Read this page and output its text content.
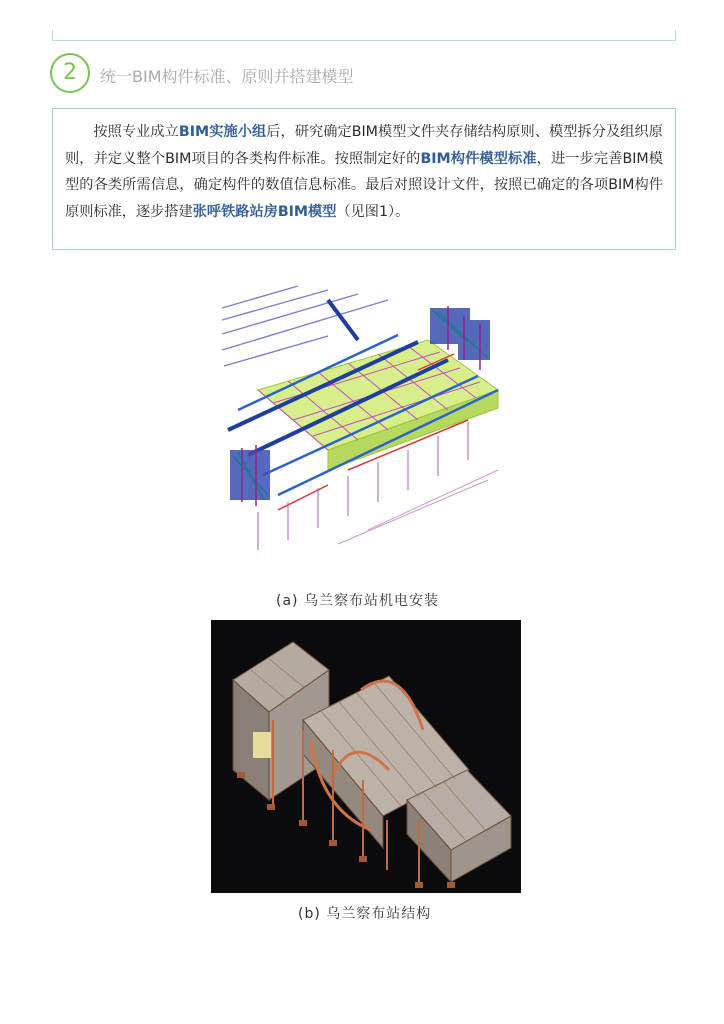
2	统一BIM构件标准、原则并搭建模型

按照专业成立BIM实施小组后，研究确定BIM模型文件夹存储结构原则、模型拆分及组织原则，并定义整个BIM项目的各类构件标准。按照制定好的BIM构件模型标准，进一步完善BIM模型的各类所需信息，确定构件的数值信息标准。最后对照设计文件，按照已确定的各项BIM构件原则标准，逐步搭建张呼铁路站房BIM模型（见图1）。

(a) 乌兰察布站机电安装
(b) 乌兰察布站结构
